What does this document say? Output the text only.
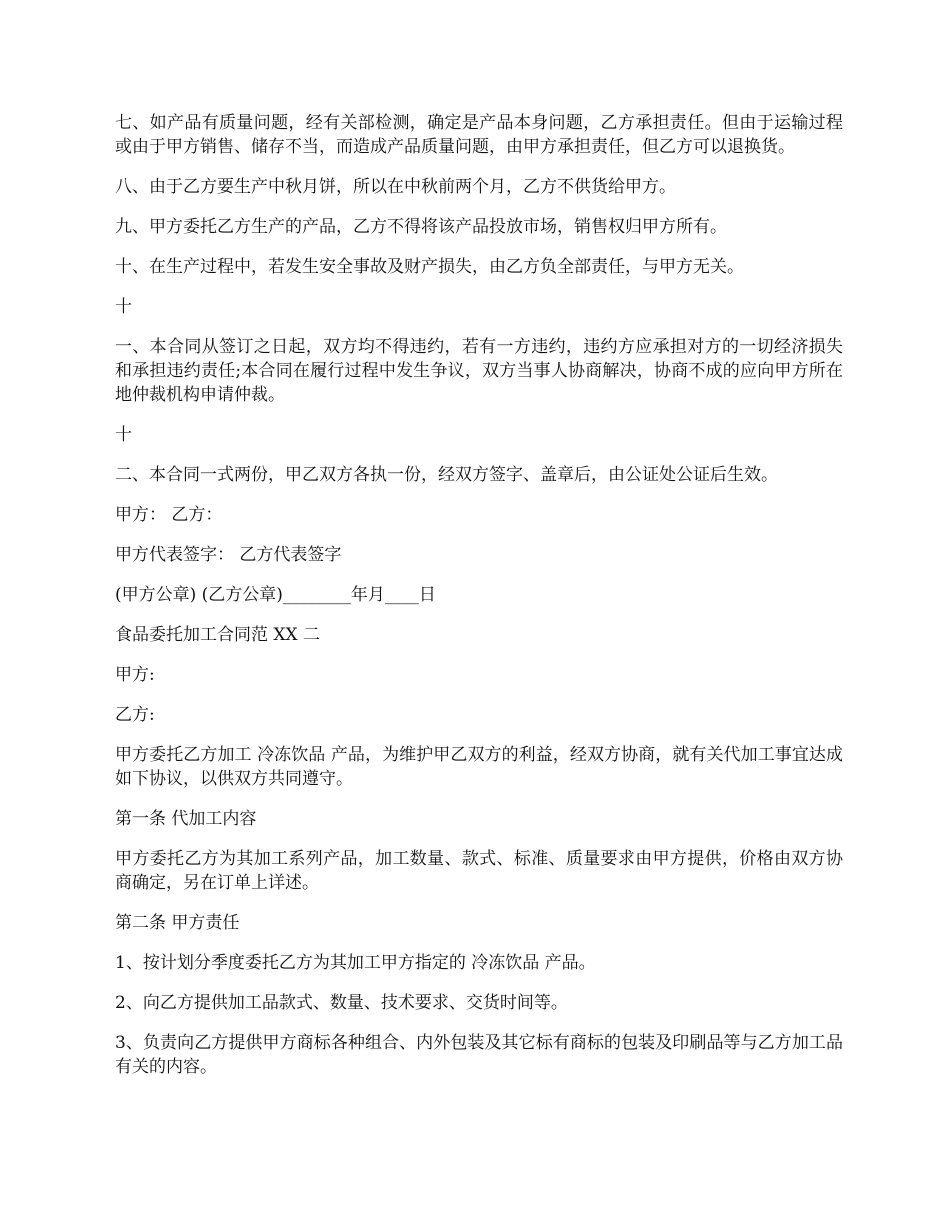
七、如产品有质量问题，经有关部检测，确定是产品本身问题，乙方承担责任。但由于运输过程或由于甲方销售、储存不当，而造成产品质量问题，由甲方承担责任，但乙方可以退换货。

八、由于乙方要生产中秋月饼，所以在中秋前两个月，乙方不供货给甲方。

九、甲方委托乙方生产的产品，乙方不得将该产品投放市场，销售权归甲方所有。

十、在生产过程中，若发生安全事故及财产损失，由乙方负全部责任，与甲方无关。

十

一、本合同从签订之日起，双方均不得违约，若有一方违约，违约方应承担对方的一切经济损失和承担违约责任;本合同在履行过程中发生争议，双方当事人协商解决，协商不成的应向甲方所在地仲裁机构申请仲裁。

十

二、本合同一式两份，甲乙双方各执一份，经双方签字、盖章后，由公证处公证后生效。

甲方： 乙方：

甲方代表签字： 乙方代表签字

(甲方公章) (乙方公章)________年月____日

食品委托加工合同范 XX 二

甲方:

乙方:

甲方委托乙方加工 冷冻饮品 产品，为维护甲乙双方的利益，经双方协商，就有关代加工事宜达成如下协议，以供双方共同遵守。

第一条 代加工内容

甲方委托乙方为其加工系列产品，加工数量、款式、标准、质量要求由甲方提供，价格由双方协商确定，另在订单上详述。

第二条 甲方责任

1、按计划分季度委托乙方为其加工甲方指定的 冷冻饮品 产品。

2、向乙方提供加工品款式、数量、技术要求、交货时间等。

3、负责向乙方提供甲方商标各种组合、内外包装及其它标有商标的包装及印刷品等与乙方加工品有关的内容。
